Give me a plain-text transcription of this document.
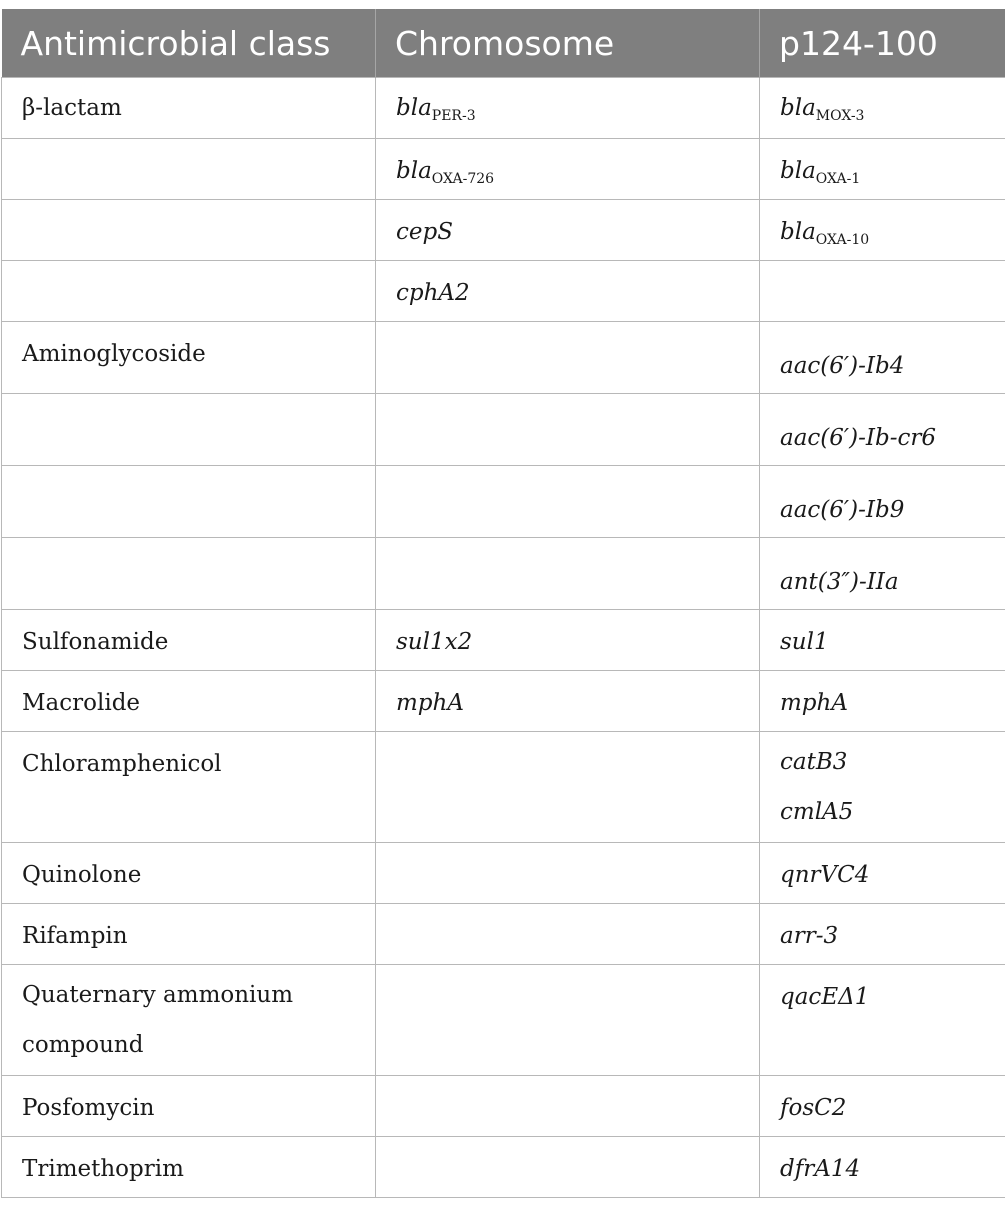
Antimicrobial class	Chromosome	p124-100

β-lactam	bla$_{PER-3}$	bla$_{MOX-3}$

	bla$_{OXA-726}$	bla$_{OXA-1}$

	cepS	bla$_{OXA-10}$

	cphA2	

Aminoglycoside		aac(6′)-Ib4

		aac(6′)-Ib-cr6

		aac(6′)-Ib9

		ant(3″)-IIa

Sulfonamide	sul1x2	sul1

Macrolide	mphA	mphA

Chloramphenicol		catB3
cmlA5

Quinolone		qnrVC4

Rifampin		arr-3

Quaternary ammonium
compound		qacEΔ1

Posfomycin		fosC2

Trimethoprim		dfrA14
